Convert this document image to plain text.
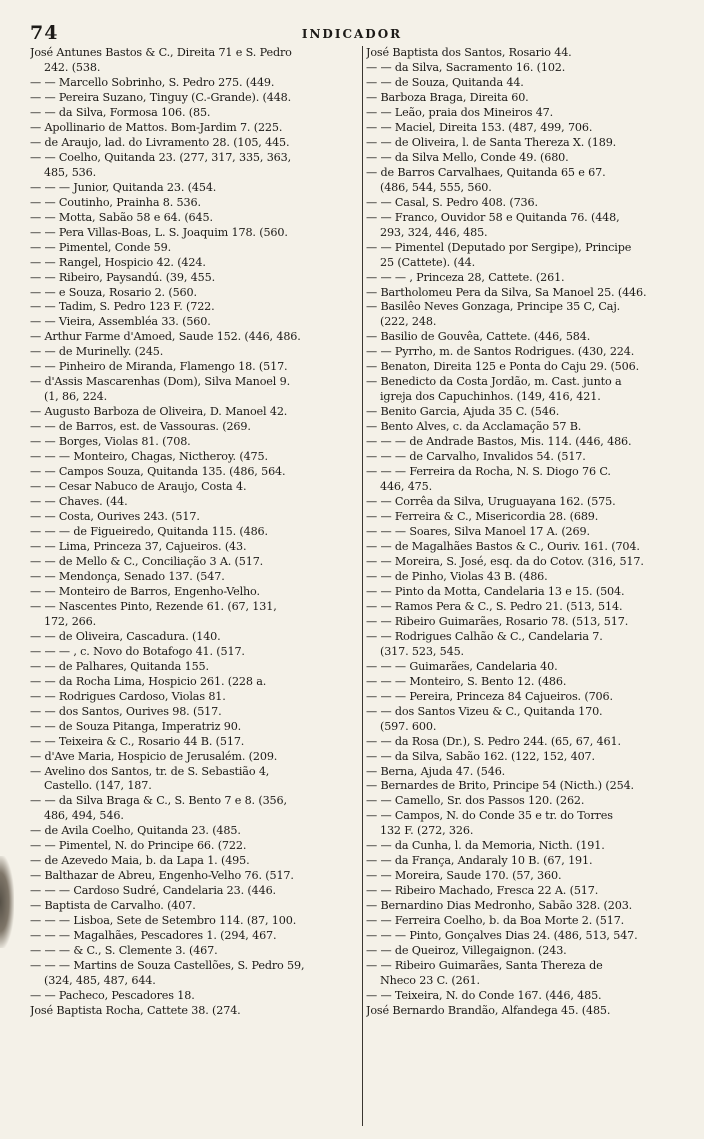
74	INDICADOR
José Antunes Bastos & C., Direita 71 e S. Pedro
242. (538.
— — Marcello Sobrinho, S. Pedro 275. (449.
— — Pereira Suzano, Tinguy (C.-Grande). (448.
— — da Silva, Formosa 106. (85.
— Apollinario de Mattos. Bom-Jardim 7. (225.
— de Araujo, lad. do Livramento 28. (105, 445.
— — Coelho, Quitanda 23. (277, 317, 335, 363,
485, 536.
— — — Junior, Quitanda 23. (454.
— — Coutinho, Prainha 8. 536.
— — Motta, Sabão 58 e 64. (645.
— — Pera Villas-Boas, L. S. Joaquim 178. (560.
— — Pimentel, Conde 59.
— — Rangel, Hospicio 42. (424.
— — Ribeiro, Paysandú. (39, 455.
— — e Souza, Rosario 2. (560.
— — Tadim, S. Pedro 123 F. (722.
— — Vieira, Assembléa 33. (560.
— Arthur Farme d'Amoed, Saude 152. (446, 486.
— — de Murinelly. (245.
— — Pinheiro de Miranda, Flamengo 18. (517.
— d'Assis Mascarenhas (Dom), Silva Manoel 9.
(1, 86, 224.
— Augusto Barboza de Oliveira, D. Manoel 42.
— — de Barros, est. de Vassouras. (269.
— — Borges, Violas 81. (708.
— — — Monteiro, Chagas, Nictheroy. (475.
— — Campos Souza, Quitanda 135. (486, 564.
— — Cesar Nabuco de Araujo, Costa 4.
— — Chaves. (44.
— — Costa, Ourives 243. (517.
— — — de Figueiredo, Quitanda 115. (486.
— — Lima, Princeza 37, Cajueiros. (43.
— — de Mello & C., Conciliação 3 A. (517.
— — Mendonça, Senado 137. (547.
— — Monteiro de Barros, Engenho-Velho.
— — Nascentes Pinto, Rezende 61. (67, 131,
172, 266.
— — de Oliveira, Cascadura. (140.
— — — , c. Novo do Botafogo 41. (517.
— — de Palhares, Quitanda 155.
— — da Rocha Lima, Hospicio 261. (228 a.
— — Rodrigues Cardoso, Violas 81.
— — dos Santos, Ourives 98. (517.
— — de Souza Pitanga, Imperatriz 90.
— — Teixeira & C., Rosario 44 B. (517.
— d'Ave Maria, Hospicio de Jerusalém. (209.
— Avelino dos Santos, tr. de S. Sebastião 4,
Castello. (147, 187.
— — da Silva Braga & C., S. Bento 7 e 8. (356,
486, 494, 546.
— de Avila Coelho, Quitanda 23. (485.
— — Pimentel, N. do Principe 66. (722.
— de Azevedo Maia, b. da Lapa 1. (495.
— Balthazar de Abreu, Engenho-Velho 76. (517.
— — — Cardoso Sudré, Candelaria 23. (446.
— Baptista de Carvalho. (407.
— — — Lisboa, Sete de Setembro 114. (87, 100.
— — — Magalhães, Pescadores 1. (294, 467.
— — — & C., S. Clemente 3. (467.
— — — Martins de Souza Castellões, S. Pedro 59,
(324, 485, 487, 644.
— — Pacheco, Pescadores 18.
José Baptista Rocha, Cattete 38. (274.
José Baptista dos Santos, Rosario 44.
— — da Silva, Sacramento 16. (102.
— — de Souza, Quitanda 44.
— Barboza Braga, Direita 60.
— — Leão, praia dos Mineiros 47.
— — Maciel, Direita 153. (487, 499, 706.
— — de Oliveira, l. de Santa Thereza X. (189.
— — da Silva Mello, Conde 49. (680.
— de Barros Carvalhaes, Quitanda 65 e 67.
(486, 544, 555, 560.
— — Casal, S. Pedro 408. (736.
— — Franco, Ouvidor 58 e Quitanda 76. (448,
293, 324, 446, 485.
— — Pimentel (Deputado por Sergipe), Principe
25 (Cattete). (44.
— — — , Princeza 28, Cattete. (261.
— Bartholomeu Pera da Silva, Sa Manoel 25. (446.
— Basilêo Neves Gonzaga, Principe 35 C, Caj.
(222, 248.
— Basilio de Gouvêa, Cattete. (446, 584.
— — Pyrrho, m. de Santos Rodrigues. (430, 224.
— Benaton, Direita 125 e Ponta do Caju 29. (506.
— Benedicto da Costa Jordão, m. Cast. junto a
igreja dos Capuchinhos. (149, 416, 421.
— Benito Garcia, Ajuda 35 C. (546.
— Bento Alves, c. da Acclamação 57 B.
— — — de Andrade Bastos, Mis. 114. (446, 486.
— — — de Carvalho, Invalidos 54. (517.
— — — Ferreira da Rocha, N. S. Diogo 76 C.
446, 475.
— — Corrêa da Silva, Uruguayana 162. (575.
— — Ferreira & C., Misericordia 28. (689.
— — — Soares, Silva Manoel 17 A. (269.
— — de Magalhães Bastos & C., Ouriv. 161. (704.
— — Moreira, S. José, esq. da do Cotov. (316, 517.
— — de Pinho, Violas 43 B. (486.
— — Pinto da Motta, Candelaria 13 e 15. (504.
— — Ramos Pera & C., S. Pedro 21. (513, 514.
— — Ribeiro Guimarães, Rosario 78. (513, 517.
— — Rodrigues Calhão & C., Candelaria 7.
(317. 523, 545.
— — — Guimarães, Candelaria 40.
— — — Monteiro, S. Bento 12. (486.
— — — Pereira, Princeza 84 Cajueiros. (706.
— — dos Santos Vizeu & C., Quitanda 170.
(597. 600.
— — da Rosa (Dr.), S. Pedro 244. (65, 67, 461.
— — da Silva, Sabão 162. (122, 152, 407.
— Berna, Ajuda 47. (546.
— Bernardes de Brito, Principe 54 (Nicth.) (254.
— — Camello, Sr. dos Passos 120. (262.
— — Campos, N. do Conde 35 e tr. do Torres
132 F. (272, 326.
— — da Cunha, l. da Memoria, Nicth. (191.
— — da França, Andaraly 10 B. (67, 191.
— — Moreira, Saude 170. (57, 360.
— — Ribeiro Machado, Fresca 22 A. (517.
— Bernardino Dias Medronho, Sabão 328. (203.
— — Ferreira Coelho, b. da Boa Morte 2. (517.
— — — Pinto, Gonçalves Dias 24. (486, 513, 547.
— — de Queiroz, Villegaignon. (243.
— — Ribeiro Guimarães, Santa Thereza de
Nheco 23 C. (261.
— — Teixeira, N. do Conde 167. (446, 485.
José Bernardo Brandão, Alfandega 45. (485.
